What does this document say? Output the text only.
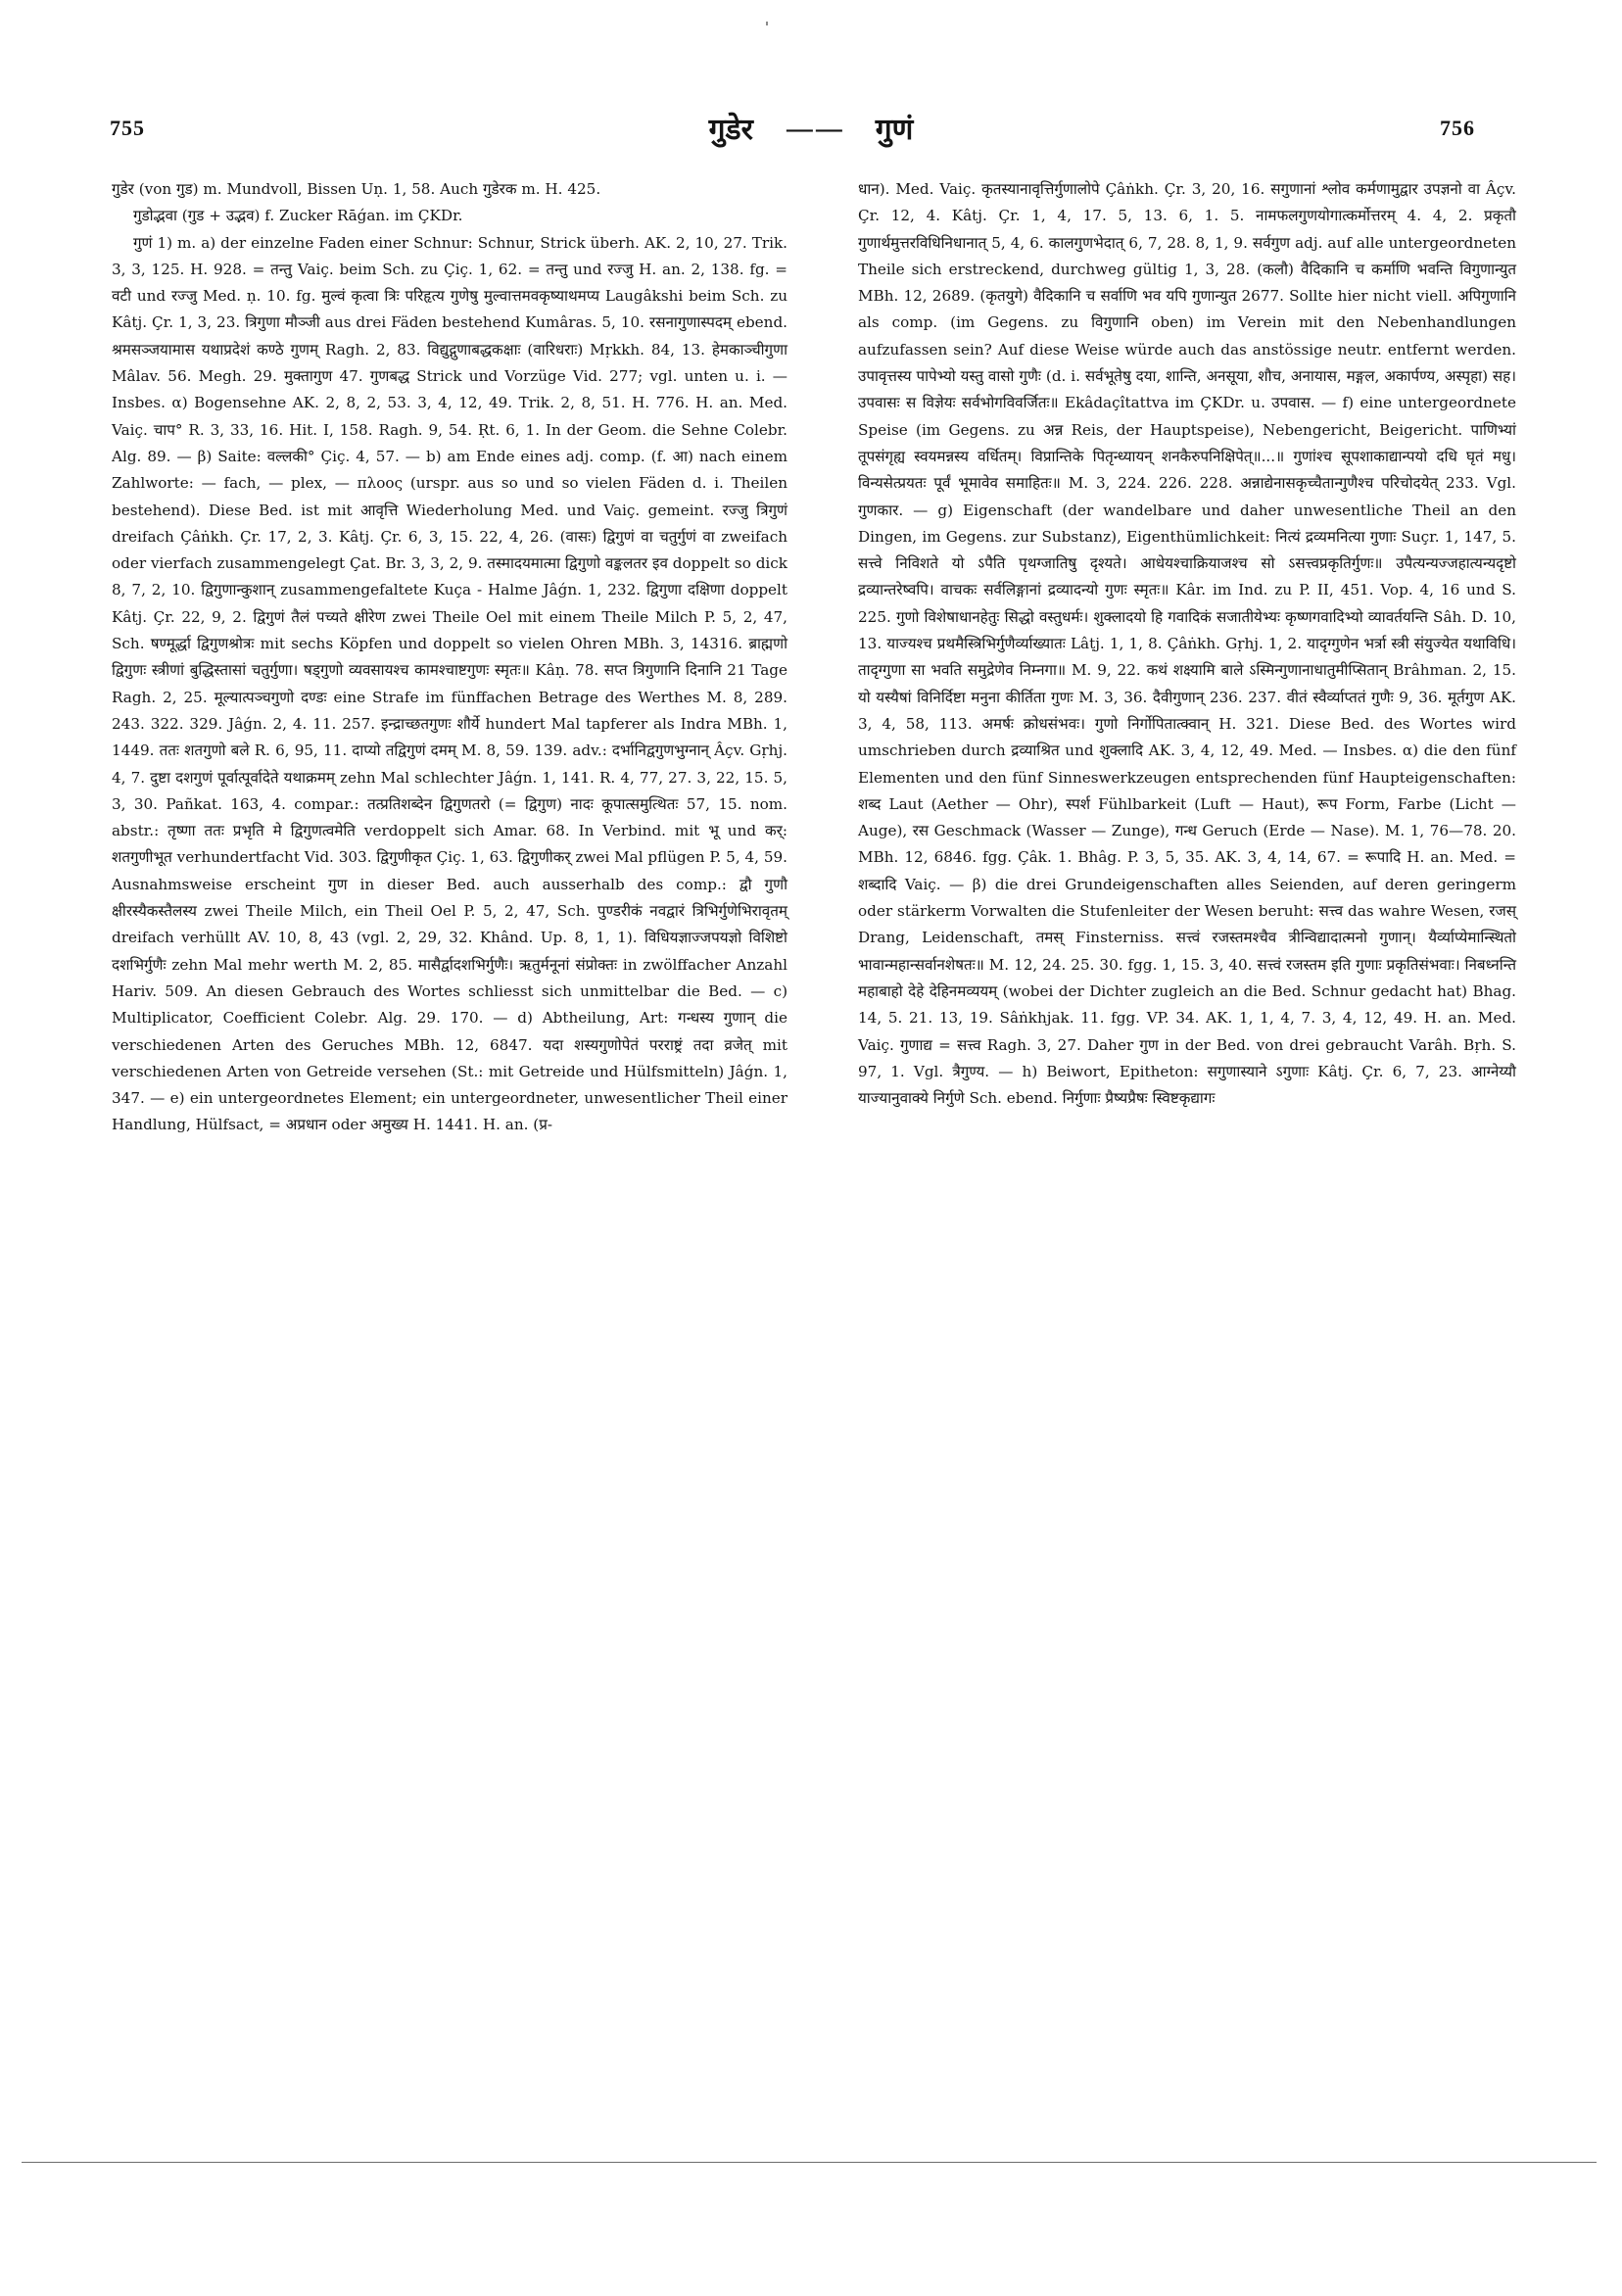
755	गुडेर —— गुणं	756

गुडेर (von गुड) m. Mundvoll, Bissen Uṇ. 1, 58. Auch गुडेरक m. H. 425.

गुडोद्भवा (गुड + उद्भव) f. Zucker Rāǵan. im ÇKDr.

गुणं 1) m. a) der einzelne Faden einer Schnur: Schnur, Strick überh. AK. 2, 10, 27. Trik. 3, 3, 125. H. 928. = तन्तु Vaiç. beim Sch. zu Çiç. 1, 62. = तन्तु und रज्जु H. an. 2, 138. fg. = वटी und रज्जु Med. ṇ. 10. fg. मुल्वं कृत्वा त्रिः परिहृत्य गुणेषु मुल्वात्तमवकृष्याथमप्य Laugâkshi beim Sch. zu Kâtj. Çr. 1, 3, 23. त्रिगुणा मौञ्जी aus drei Fäden bestehend Kumâras. 5, 10. रसनागुणास्पदम् ebend. श्रमसञ्जयामास यथाप्रदेशं कण्ठे गुणम् Ragh. 2, 83. विद्युद्गुणाबद्धकक्षाः (वारिधराः) Mṛkkh. 84, 13. हेमकाञ्चीगुणा Mâlav. 56. Megh. 29. मुक्तागुण 47. गुणबद्ध Strick und Vorzüge Vid. 277; vgl. unten u. i. — Insbes. α) Bogensehne AK. 2, 8, 2, 53. 3, 4, 12, 49. Trik. 2, 8, 51. H. 776. H. an. Med. Vaiç. चाप° R. 3, 33, 16. Hit. I, 158. Ragh. 9, 54. Ṛt. 6, 1. In der Geom. die Sehne Colebr. Alg. 89. — β) Saite: वल्लकी° Çiç. 4, 57. — b) am Ende eines adj. comp. (f. आ) nach einem Zahlworte: — fach, — plex, — πλοος (urspr. aus so und so vielen Fäden d. i. Theilen bestehend). Diese Bed. ist mit आवृत्ति Wiederholung Med. und Vaiç. gemeint. रज्जु त्रिगुणं dreifach Çâṅkh. Çr. 17, 2, 3. Kâtj. Çr. 6, 3, 15. 22, 4, 26. (वासः) द्विगुणं वा चतुर्गुणं वा zweifach oder vierfach zusammengelegt Çat. Br. 3, 3, 2, 9. तस्मादयमात्मा द्विगुणो वङ्कलतर इव doppelt so dick 8, 7, 2, 10. द्विगुणान्कुशान् zusammengefaltete Kuça - Halme Jâǵn. 1, 232. द्विगुणा दक्षिणा doppelt Kâtj. Çr. 22, 9, 2. द्विगुणं तैलं पच्यते क्षीरेण zwei Theile Oel mit einem Theile Milch P. 5, 2, 47, Sch. षण्मूर्द्धा द्विगुणश्रोत्रः mit sechs Köpfen und doppelt so vielen Ohren MBh. 3, 14316. ब्राह्मणो द्विगुणः स्त्रीणां बुद्धिस्तासां चतुर्गुणा। षड्गुणो व्यवसायश्च कामश्चाष्टगुणः स्मृतः॥ Kâṇ. 78. सप्त त्रिगुणानि दिनानि 21 Tage Ragh. 2, 25. मूल्यात्पञ्चगुणो दण्डः eine Strafe im fünffachen Betrage des Werthes M. 8, 289. 243. 322. 329. Jâǵn. 2, 4. 11. 257. इन्द्राच्छतगुणः शौर्ये hundert Mal tapferer als Indra MBh. 1, 1449. ततः शतगुणो बले R. 6, 95, 11. दाप्यो तद्विगुणं दमम् M. 8, 59. 139. adv.: दर्भानिद्वगुणभुग्नान् Âçv. Gṛhj. 4, 7. दुष्टा दशगुणं पूर्वात्पूर्वादेते यथाक्रमम् zehn Mal schlechter Jâǵn. 1, 141. R. 4, 77, 27. 3, 22, 15. 5, 3, 30. Pañkat. 163, 4. compar.: तत्प्रतिशब्देन द्विगुणतरो (= द्विगुण) नादः कूपात्समुत्थितः 57, 15. nom. abstr.: तृष्णा ततः प्रभृति मे द्विगुणत्वमेति verdoppelt sich Amar. 68. In Verbind. mit भू und कर्: शतगुणीभूत verhundertfacht Vid. 303. द्विगुणीकृत Çiç. 1, 63. द्विगुणीकर् zwei Mal pflügen P. 5, 4, 59. Ausnahmsweise erscheint गुण in dieser Bed. auch ausserhalb des comp.: द्वौ गुणौ क्षीरस्यैकस्तैलस्य zwei Theile Milch, ein Theil Oel P. 5, 2, 47, Sch. पुण्डरीकं नवद्वारं त्रिभिर्गुणेभिरावृतम् dreifach verhüllt AV. 10, 8, 43 (vgl. 2, 29, 32. Khând. Up. 8, 1, 1). विधियज्ञाज्जपयज्ञो विशिष्टो दशभिर्गुणैः zehn Mal mehr werth M. 2, 85. मासैर्द्वादशभिर्गुणैः। ऋतुर्मनूनां संप्रोक्तः in zwölffacher Anzahl Hariv. 509. An diesen Gebrauch des Wortes schliesst sich unmittelbar die Bed. — c) Multiplicator, Coefficient Colebr. Alg. 29. 170. — d) Abtheilung, Art: गन्धस्य गुणान् die verschiedenen Arten des Geruches MBh. 12, 6847. यदा शस्यगुणोपेतं परराष्ट्रं तदा व्रजेत् mit verschiedenen Arten von Getreide versehen (St.: mit Getreide und Hülfsmitteln) Jâǵn. 1, 347. — e) ein untergeordnetes Element; ein untergeordneter, unwesentlicher Theil einer Handlung, Hülfsact, = अप्रधान oder अमुख्य H. 1441. H. an. (प्र-

धान). Med. Vaiç. कृतस्यानावृत्तिर्गुणालोपे Çâṅkh. Çr. 3, 20, 16. सगुणानां श्लोव कर्मणामुद्वार उपज्ञनो वा Âçv. Çr. 12, 4. Kâtj. Çr. 1, 4, 17. 5, 13. 6, 1. 5. नामफलगुणयोगात्कर्मोत्तरम् 4. 4, 2. प्रकृतौ गुणार्थमुत्तरविधिनिधानात् 5, 4, 6. कालगुणभेदात् 6, 7, 28. 8, 1, 9. सर्वगुण adj. auf alle untergeordneten Theile sich erstreckend, durchweg gültig 1, 3, 28. (कलौ) वैदिकानि च कर्माणि भवन्ति विगुणान्युत MBh. 12, 2689. (कृतयुगे) वैदिकानि च सर्वाणि भव यपि गुणान्युत 2677. Sollte hier nicht viell. अपिगुणानि als comp. (im Gegens. zu विगुणानि oben) im Verein mit den Nebenhandlungen aufzufassen sein? Auf diese Weise würde auch das anstössige neutr. entfernt werden. उपावृत्तस्य पापेभ्यो यस्तु वासो गुणैः (d. i. सर्वभूतेषु दया, शान्ति, अनसूया, शौच, अनायास, मङ्गल, अकार्पण्य, अस्पृहा) सह। उपवासः स विज्ञेयः सर्वभोगविवर्जितः॥ Ekâdaçîtattva im ÇKDr. u. उपवास. — f) eine untergeordnete Speise (im Gegens. zu अन्न Reis, der Hauptspeise), Nebengericht, Beigericht. पाणिभ्यां तूपसंगृह्य स्वयमन्नस्य वर्धितम्। विप्रान्तिके पितृन्ध्यायन् शनकैरुपनिक्षिपेत्॥...॥ गुणांश्च सूपशाकाद्यान्पयो दधि घृतं मधु। विन्यसेत्प्रयतः पूर्वं भूमावेव समाहितः॥ M. 3, 224. 226. 228. अन्नाद्येनासकृच्चैतान्गुणैश्च परिचोदयेत् 233. Vgl. गुणकार. — g) Eigenschaft (der wandelbare und daher unwesentliche Theil an den Dingen, im Gegens. zur Substanz), Eigenthümlichkeit: नित्यं द्रव्यमनित्या गुणाः Suçr. 1, 147, 5. सत्त्वे निविशते यो ऽपैति पृथग्जातिषु दृश्यते। आधेयश्चाक्रियाजश्च सो ऽसत्त्वप्रकृतिर्गुणः॥ उपैत्यन्यज्जहात्यन्यदृष्टो द्रव्यान्तरेष्वपि। वाचकः सर्वलिङ्गानां द्रव्यादन्यो गुणः स्मृतः॥ Kâr. im Ind. zu P. II, 451. Vop. 4, 16 und S. 225. गुणो विशेषाधानहेतुः सिद्धो वस्तुधर्मः। शुक्लादयो हि गवादिकं सजातीयेभ्यः कृष्णगवादिभ्यो व्यावर्तयन्ति Sâh. D. 10, 13. याज्यश्च प्रथमैस्त्रिभिर्गुणैर्व्याख्यातः Lâṭj. 1, 1, 8. Çâṅkh. Gṛhj. 1, 2. यादृग्गुणेन भर्त्रा स्त्री संयुज्येत यथाविधि। तादृग्गुणा सा भवति समुद्रेणेव निम्नगा॥ M. 9, 22. कथं शक्ष्यामि बाले ऽस्मिन्गुणानाधातुमीप्सितान् Brâhman. 2, 15. यो यस्यैषां विनिर्दिष्टा मनुना कीर्तिता गुणः M. 3, 36. दैवीगुणान् 236. 237. वीतं स्वैर्व्याप्ततं गुणैः 9, 36. मूर्तगुण AK. 3, 4, 58, 113. अमर्षः क्रोधसंभवः। गुणो निर्गोपितात्क्वान् H. 321. Diese Bed. des Wortes wird umschrieben durch द्रव्याश्रित und शुक्लादि AK. 3, 4, 12, 49. Med. — Insbes. α) die den fünf Elementen und den fünf Sinneswerkzeugen entsprechenden fünf Haupteigenschaften: शब्द Laut (Aether — Ohr), स्पर्श Fühlbarkeit (Luft — Haut), रूप Form, Farbe (Licht — Auge), रस Geschmack (Wasser — Zunge), गन्ध Geruch (Erde — Nase). M. 1, 76—78. 20. MBh. 12, 6846. fgg. Çâk. 1. Bhâg. P. 3, 5, 35. AK. 3, 4, 14, 67. = रूपादि H. an. Med. = शब्दादि Vaiç. — β) die drei Grundeigenschaften alles Seienden, auf deren geringerm oder stärkerm Vorwalten die Stufenleiter der Wesen beruht: सत्त्व das wahre Wesen, रजस् Drang, Leidenschaft, तमस् Finsterniss. सत्त्वं रजस्तमश्चैव त्रीन्विद्यादात्मनो गुणान्। यैर्व्याप्येमान्स्थितो भावान्महान्सर्वानशेषतः॥ M. 12, 24. 25. 30. fgg. 1, 15. 3, 40. सत्त्वं रजस्तम इति गुणाः प्रकृतिसंभवाः। निबध्नन्ति महाबाहो देहे देहिनमव्ययम् (wobei der Dichter zugleich an die Bed. Schnur gedacht hat) Bhag. 14, 5. 21. 13, 19. Sâṅkhjak. 11. fgg. VP. 34. AK. 1, 1, 4, 7. 3, 4, 12, 49. H. an. Med. Vaiç. गुणाद्य = सत्त्व Ragh. 3, 27. Daher गुण in der Bed. von drei gebraucht Varâh. Bṛh. S. 97, 1. Vgl. त्रैगुण्य. — h) Beiwort, Epitheton: सगुणास्याने ऽगुणाः Kâtj. Çr. 6, 7, 23. आग्नेय्यौ याज्यानुवाक्ये निर्गुणे Sch. ebend. निर्गुणाः प्रैष्यप्रैषः स्विष्टकृद्यागः
